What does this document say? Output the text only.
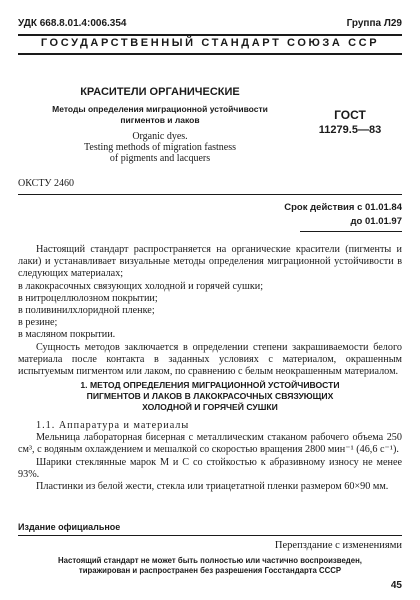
УДК 668.8.01.4:006.354	Группа Л29
ГОСУДАРСТВЕННЫЙ СТАНДАРТ СОЮЗА ССР
КРАСИТЕЛИ ОРГАНИЧЕСКИЕ
Методы определения миграционной устойчивости
пигментов и лаков
Organic dyes.
Testing methods of migration fastness
of pigments and lacquers
ГОСТ
11279.5—83
ОКСТУ 2460
Срок действия с 01.01.84
до 01.01.97
Настоящий стандарт распространяется на органические красители (пигменты и лаки) и устанавливает визуальные методы определения миграционной устойчивости в следующих материалах;
в лакокрасочных связующих холодной и горячей сушки;
в нитроцеллюлозном покрытии;
в поливинилхлоридной пленке;
в резине;
в масляном покрытии.
Сущность методов заключается в определении степени закрашиваемости белого материала после контакта в заданных условиях с материалом, окрашенным испытуемым пигментом или лаком, по сравнению с белым неокрашенным материалом.
1. МЕТОД ОПРЕДЕЛЕНИЯ МИГРАЦИОННОЙ УСТОЙЧИВОСТИ
ПИГМЕНТОВ И ЛАКОВ В ЛАКОКРАСОЧНЫХ СВЯЗУЮЩИХ
ХОЛОДНОЙ И ГОРЯЧЕЙ СУШКИ
1.1. Аппаратура и материалы
Мельница лабораторная бисерная с металлическим стаканом рабочего объема 250 см³, с водяным охлаждением и мешалкой со скоростью вращения 2800 мин⁻¹ (46,6 с⁻¹).
Шарики стеклянные марок М и С со стойкостью к абразивному износу не менее 93%.
Пластинки из белой жести, стекла или триацетатной пленки размером 60×90 мм.
Издание официальное
Перепздание с изменениями
Настоящий стандарт не может быть полностью или частично воспроизведен,
тиражирован и распространен без разрешения Госстандарта СССР
45
